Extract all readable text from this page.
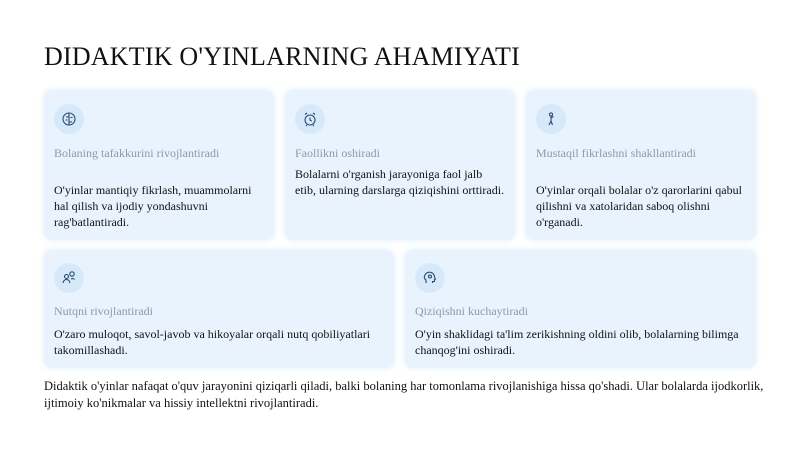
DIDAKTIK O'YINLARNING AHAMIYATI
Bolaning tafakkurini rivojlantiradi
O'yinlar mantiqiy fikrlash, muammolarni hal qilish va ijodiy yondashuvni rag'batlantiradi.
Faollikni oshiradi
Bolalarni o'rganish jarayoniga faol jalb etib, ularning darslarga qiziqishini orttiradi.
Mustaqil fikrlashni shakllantiradi
O'yinlar orqali bolalar o'z qarorlarini qabul qilishni va xatolaridan saboq olishni o'rganadi.
Nutqni rivojlantiradi
O'zaro muloqot, savol-javob va hikoyalar orqali nutq qobiliyatlari takomillashadi.
Qiziqishni kuchaytiradi
O'yin shaklidagi ta'lim zerikishning oldini olib, bolalarning bilimga chanqog'ini oshiradi.

Didaktik o'yinlar nafaqat o'quv jarayonini qiziqarli qiladi, balki bolaning har tomonlama rivojlanishiga hissa qo'shadi. Ular bolalarda ijodkorlik, ijtimoiy ko'nikmalar va hissiy intellektni rivojlantiradi.
